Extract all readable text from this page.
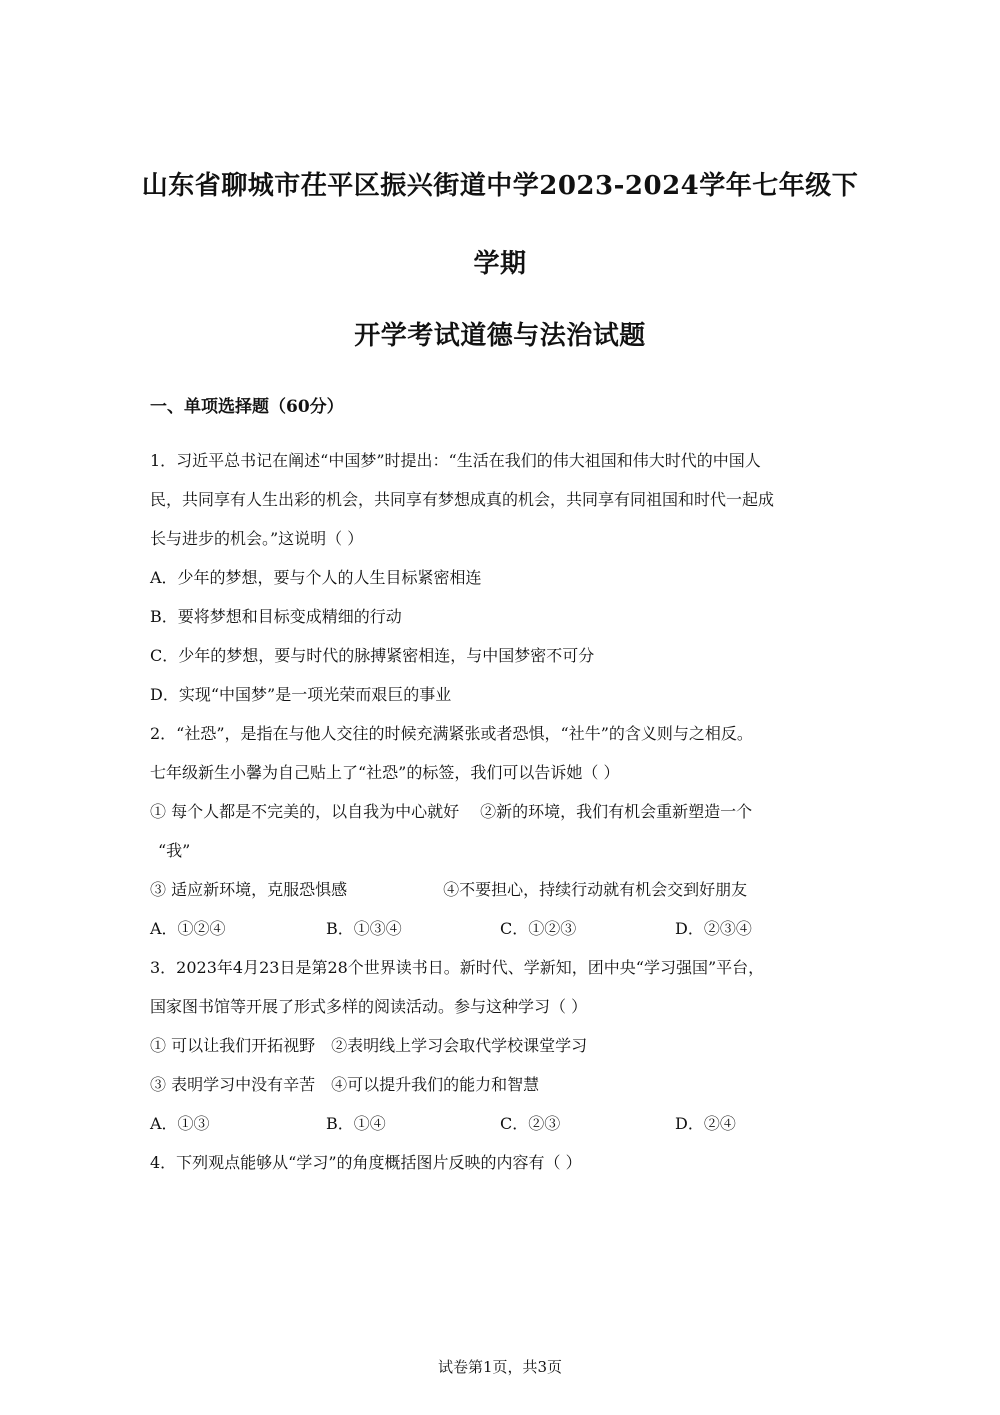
山东省聊城市茌平区振兴街道中学2023-2024学年七年级下
学期
开学考试道德与法治试题
一、单项选择题（60分）
1．习近平总书记在阐述“中国梦”时提出：“生活在我们的伟大祖国和伟大时代的中国人
民，共同享有人生出彩的机会，共同享有梦想成真的机会，共同享有同祖国和时代一起成
长与进步的机会。”这说明（ ）
A．少年的梦想，要与个人的人生目标紧密相连
B．要将梦想和目标变成精细的行动
C．少年的梦想，要与时代的脉搏紧密相连，与中国梦密不可分
D．实现“中国梦”是一项光荣而艰巨的事业
2．“社恐”，是指在与他人交往的时候充满紧张或者恐惧，“社牛”的含义则与之相反。
七年级新生小馨为自己贴上了“社恐”的标签，我们可以告诉她（ ）
① 每个人都是不完美的，以自我为中心就好　 ②新的环境，我们有机会重新塑造一个
“我”
③ 适应新环境，克服恐惧感　　　　　　④不要担心，持续行动就有机会交到好朋友
A．①②④	B．①③④	C．①②③	D．②③④
3．2023年4月23日是第28个世界读书日。新时代、学新知，团中央“学习强国”平台，
国家图书馆等开展了形式多样的阅读活动。参与这种学习（ ）
① 可以让我们开拓视野　②表明线上学习会取代学校课堂学习
③ 表明学习中没有辛苦　④可以提升我们的能力和智慧
A．①③	B．①④	C．②③	D．②④
4．下列观点能够从“学习”的角度概括图片反映的内容有（ ）
试卷第1页，共3页
